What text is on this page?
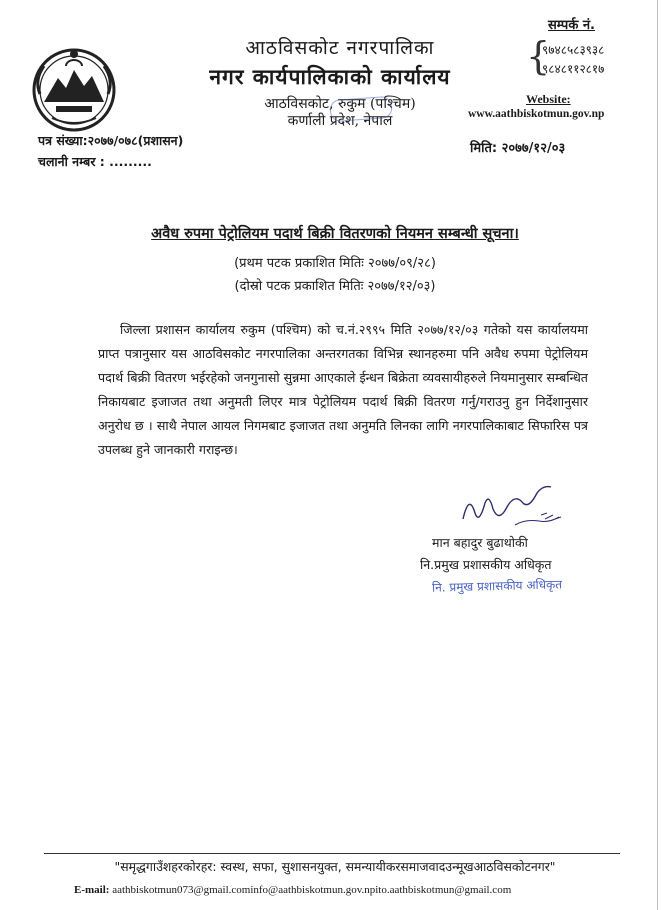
आठविसकोट नगरपालिका
नगर कार्यपालिकाको कार्यालय
आठविसकोट, रुकुम (पश्चिम)
कर्णाली प्रदेश, नेपाल
सम्पर्क नं.
{
९७४८५८३९३८
९८४८११२८१७
Website:
www.aathbiskotmun.gov.np
पत्र संख्या:२०७७/०७८(प्रशासन)
चलानी नम्बर : .........
मिति: २०७७/१२/०३
अवैध रुपमा पेट्रोलियम पदार्थ बिक्री वितरणको नियमन सम्बन्धी सूचना।
(प्रथम पटक प्रकाशित मितिः २०७७/०९/२८)
(दोस्रो पटक प्रकाशित मितिः २०७७/१२/०३)
जिल्ला प्रशासन कार्यालय रुकुम (पश्चिम) को च.नं.२९९५ मिति २०७७/१२/०३ गतेको यस कार्यालयमा प्राप्त पत्रानुसार यस आठविसकोट नगरपालिका अन्तरगतका विभिन्न स्थानहरुमा पनि अवैध रुपमा पेट्रोलियम पदार्थ बिक्री वितरण भईरहेको जनगुनासो सुन्नमा आएकाले ईन्धन बिक्रेता व्यवसायीहरुले नियमानुसार सम्बन्धित निकायबाट इजाजत तथा अनुमती लिएर मात्र पेट्रोलियम पदार्थ बिक्री वितरण गर्नु/गराउनु हुन निर्देशानुसार अनुरोध छ । साथै नेपाल आयल निगमबाट इजाजत तथा अनुमति लिनका लागि नगरपालिकाबाट सिफारिस पत्र उपलब्ध हुने जानकारी गराइन्छ।
मान बहादुर बुढाथोकी
नि.प्रमुख प्रशासकीय अधिकृत
नि. प्रमुख प्रशासकीय अधिकृत
"समृद्धगाउँशहरकोरहर: स्वस्थ, सफा, सुशासनयुक्त, समन्यायीकरसमाजवादउन्मूखआठविसकोटनगर"
E-mail: aathbiskotmun073@gmail.cominfo@aathbiskotmun.gov.npito.aathbiskotmun@gmail.com
